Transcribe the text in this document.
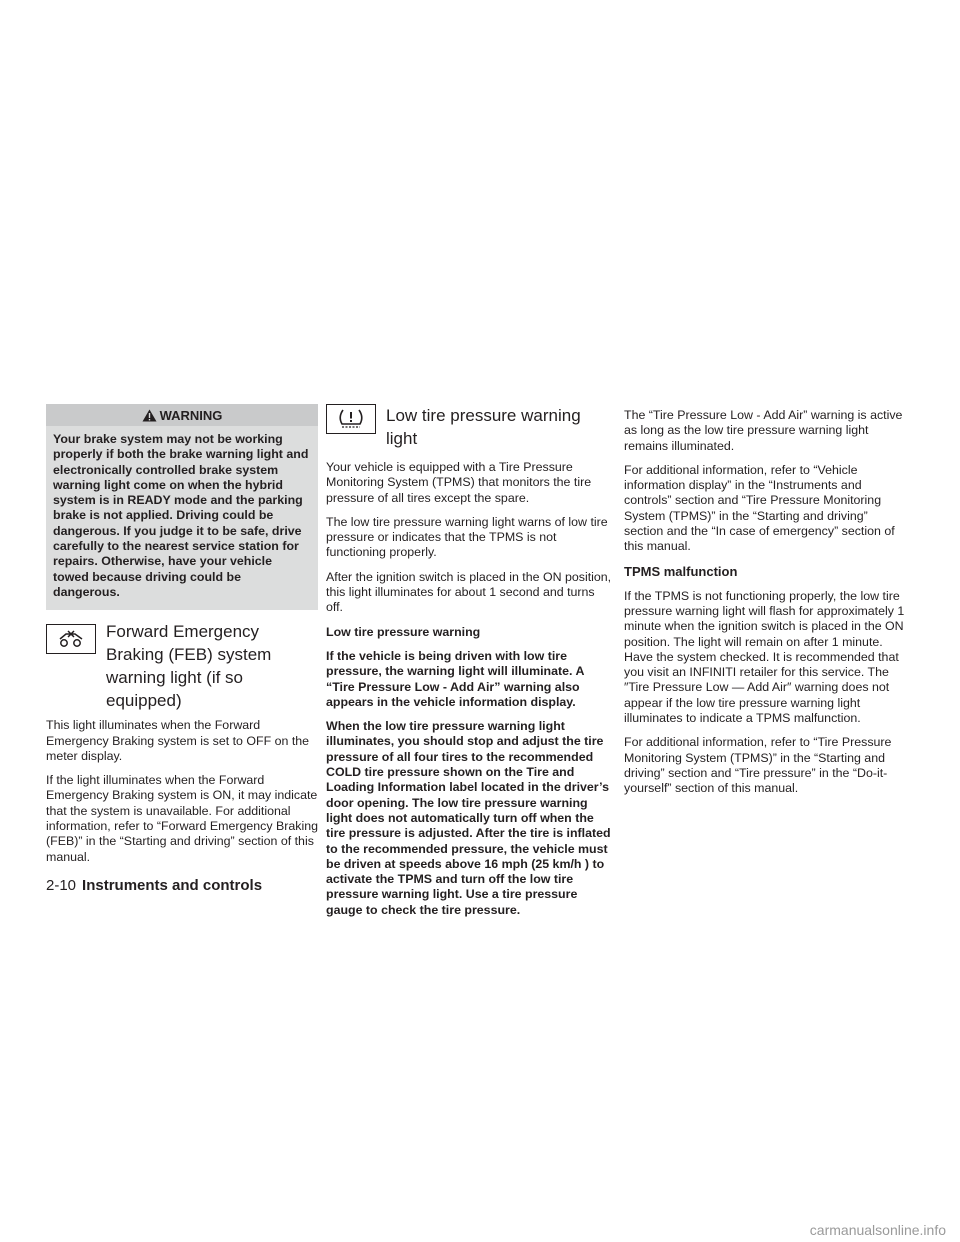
WARNING
Your brake system may not be working properly if both the brake warning light and electronically controlled brake system warning light come on when the hybrid system is in READY mode and the parking brake is not applied. Driving could be dangerous. If you judge it to be safe, drive carefully to the nearest service station for repairs. Otherwise, have your vehicle towed because driving could be dangerous.
Forward Emergency Braking (FEB) system warning light (if so equipped)

This light illuminates when the Forward Emergency Braking system is set to OFF on the meter display.

If the light illuminates when the Forward Emergency Braking system is ON, it may indicate that the system is unavailable. For additional information, refer to “Forward Emergency Braking (FEB)” in the “Starting and driving” section of this manual.

Low tire pressure warning light

Your vehicle is equipped with a Tire Pressure Monitoring System (TPMS) that monitors the tire pressure of all tires except the spare.

The low tire pressure warning light warns of low tire pressure or indicates that the TPMS is not functioning properly.

After the ignition switch is placed in the ON position, this light illuminates for about 1 second and turns off.

Low tire pressure warning

If the vehicle is being driven with low tire pressure, the warning light will illuminate. A “Tire Pressure Low - Add Air” warning also appears in the vehicle information display.

When the low tire pressure warning light illuminates, you should stop and adjust the tire pressure of all four tires to the recommended COLD tire pressure shown on the Tire and Loading Information label located in the driver’s door opening. The low tire pressure warning light does not automatically turn off when the tire pressure is adjusted. After the tire is inflated to the recommended pressure, the vehicle must be driven at speeds above 16 mph (25 km/h ) to activate the TPMS and turn off the low tire pressure warning light. Use a tire pressure gauge to check the tire pressure.

The “Tire Pressure Low - Add Air” warning is active as long as the low tire pressure warning light remains illuminated.

For additional information, refer to “Vehicle information display” in the “Instruments and controls” section and “Tire Pressure Monitoring System (TPMS)” in the “Starting and driving” section and the “In case of emergency” section of this manual.

TPMS malfunction

If the TPMS is not functioning properly, the low tire pressure warning light will flash for approximately 1 minute when the ignition switch is placed in the ON position. The light will remain on after 1 minute. Have the system checked. It is recommended that you visit an INFINITI retailer for this service. The ″Tire Pressure Low — Add Air″ warning does not appear if the low tire pressure warning light illuminates to indicate a TPMS malfunction.

For additional information, refer to “Tire Pressure Monitoring System (TPMS)” in the “Starting and driving” section and “Tire pressure” in the “Do-it-yourself” section of this manual.

2-10 Instruments and controls
carmanualsonline.info
